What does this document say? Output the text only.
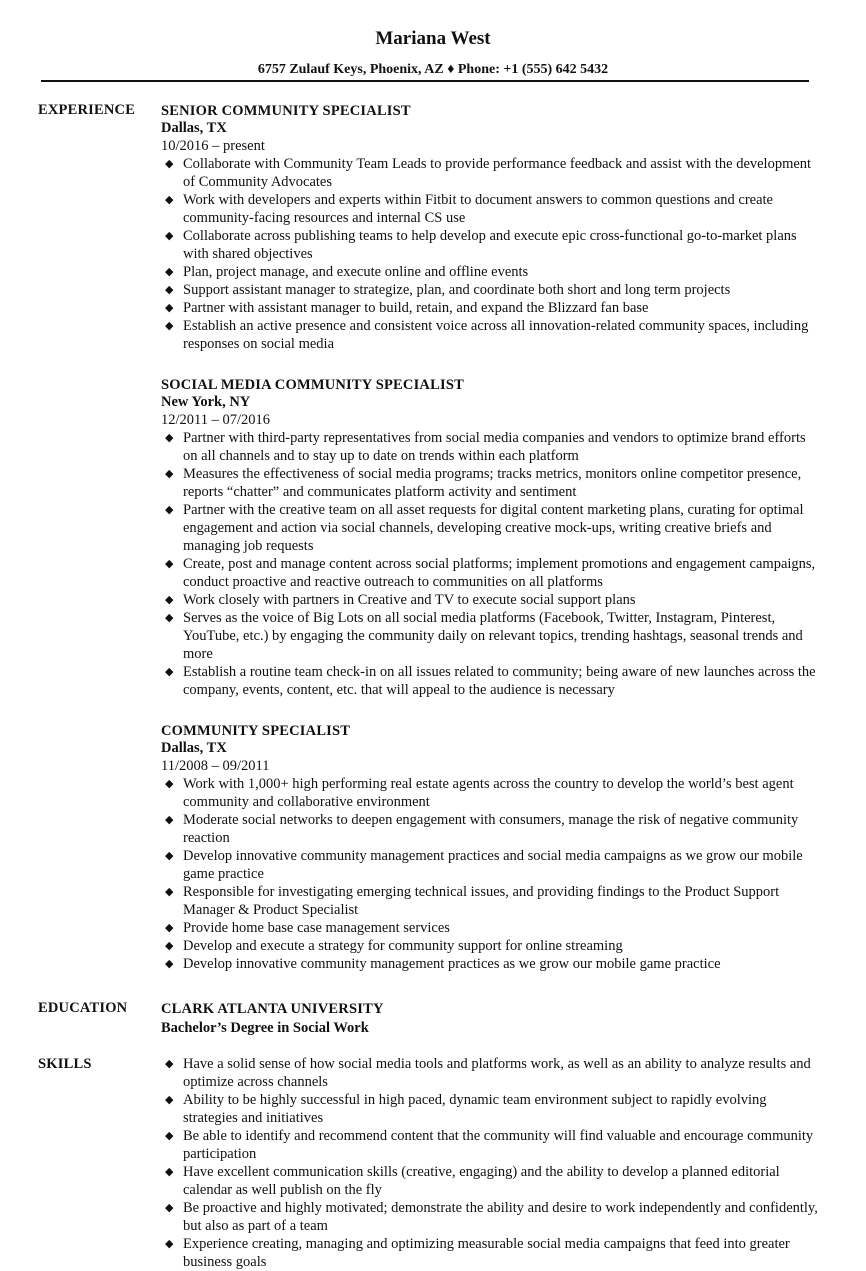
Mariana West
6757 Zulauf Keys, Phoenix, AZ ♦ Phone: +1 (555) 642 5432
EXPERIENCE SENIOR COMMUNITY SPECIALIST
Dallas, TX
10/2016 – present
◆ Collaborate with Community Team Leads to provide performance feedback and assist with the development of Community Advocates
◆ Work with developers and experts within Fitbit to document answers to common questions and create community-facing resources and internal CS use
◆ Collaborate across publishing teams to help develop and execute epic cross-functional go-to-market plans with shared objectives
◆ Plan, project manage, and execute online and offline events
◆ Support assistant manager to strategize, plan, and coordinate both short and long term projects
◆ Partner with assistant manager to build, retain, and expand the Blizzard fan base
◆ Establish an active presence and consistent voice across all innovation-related community spaces, including responses on social media
SOCIAL MEDIA COMMUNITY SPECIALIST
New York, NY
12/2011 – 07/2016
◆ Partner with third-party representatives from social media companies and vendors to optimize brand efforts on all channels and to stay up to date on trends within each platform
◆ Measures the effectiveness of social media programs; tracks metrics, monitors online competitor presence, reports “chatter” and communicates platform activity and sentiment
◆ Partner with the creative team on all asset requests for digital content marketing plans, curating for optimal engagement and action via social channels, developing creative mock-ups, writing creative briefs and managing job requests
◆ Create, post and manage content across social platforms; implement promotions and engagement campaigns, conduct proactive and reactive outreach to communities on all platforms
◆ Work closely with partners in Creative and TV to execute social support plans
◆ Serves as the voice of Big Lots on all social media platforms (Facebook, Twitter, Instagram, Pinterest, YouTube, etc.) by engaging the community daily on relevant topics, trending hashtags, seasonal trends and more
◆ Establish a routine team check-in on all issues related to community; being aware of new launches across the company, events, content, etc. that will appeal to the audience is necessary
COMMUNITY SPECIALIST
Dallas, TX
11/2008 – 09/2011
◆ Work with 1,000+ high performing real estate agents across the country to develop the world’s best agent community and collaborative environment
◆ Moderate social networks to deepen engagement with consumers, manage the risk of negative community reaction
◆ Develop innovative community management practices and social media campaigns as we grow our mobile game practice
◆ Responsible for investigating emerging technical issues, and providing findings to the Product Support Manager & Product Specialist
◆ Provide home base case management services
◆ Develop and execute a strategy for community support for online streaming
◆ Develop innovative community management practices as we grow our mobile game practice
EDUCATION CLARK ATLANTA UNIVERSITY
Bachelor’s Degree in Social Work
SKILLS	◆ Have a solid sense of how social media tools and platforms work, as well as an ability to analyze results and optimize across channels
◆ Ability to be highly successful in high paced, dynamic team environment subject to rapidly evolving strategies and initiatives
◆ Be able to identify and recommend content that the community will find valuable and encourage community participation
◆ Have excellent communication skills (creative, engaging) and the ability to develop a planned editorial calendar as well publish on the fly
◆ Be proactive and highly motivated; demonstrate the ability and desire to work independently and confidently, but also as part of a team
◆ Experience creating, managing and optimizing measurable social media campaigns that feed into greater business goals
